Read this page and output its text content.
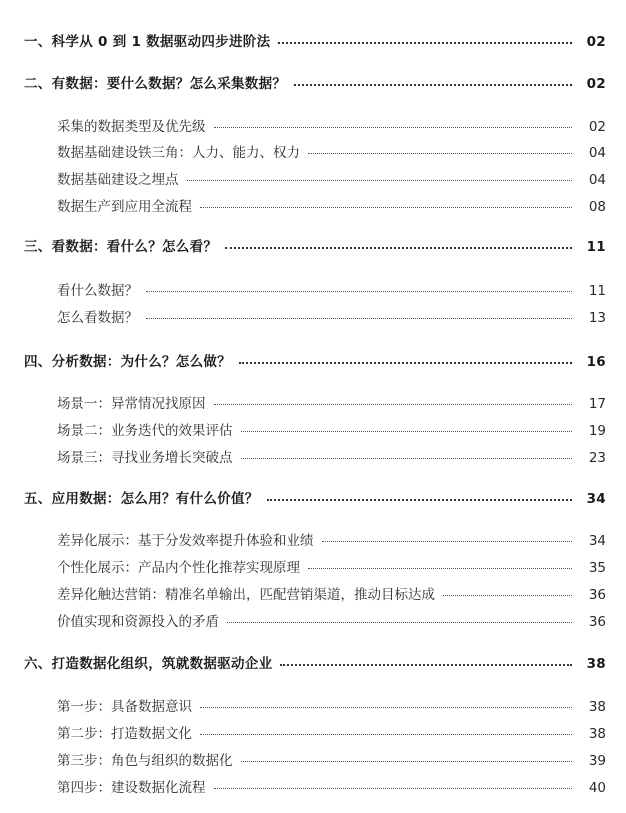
一、科学从 0 到 1 数据驱动四步进阶法	02
二、有数据：要什么数据？怎么采集数据？	02
采集的数据类型及优先级	02
数据基础建设铁三角：人力、能力、权力	04
数据基础建设之埋点	04
数据生产到应用全流程	08
三、看数据：看什么？怎么看？	11
看什么数据？	11
怎么看数据？	13
四、分析数据：为什么？怎么做？	16
场景一：异常情况找原因	17
场景二：业务迭代的效果评估	19
场景三：寻找业务增长突破点	23
五、应用数据：怎么用？有什么价值？	34
差异化展示：基于分发效率提升体验和业绩	34
个性化展示：产品内个性化推荐实现原理	35
差异化触达营销：精准名单输出，匹配营销渠道，推动目标达成	36
价值实现和资源投入的矛盾	36
六、打造数据化组织，筑就数据驱动企业	38
第一步：具备数据意识	38
第二步：打造数据文化	38
第三步：角色与组织的数据化	39
第四步：建设数据化流程	40
